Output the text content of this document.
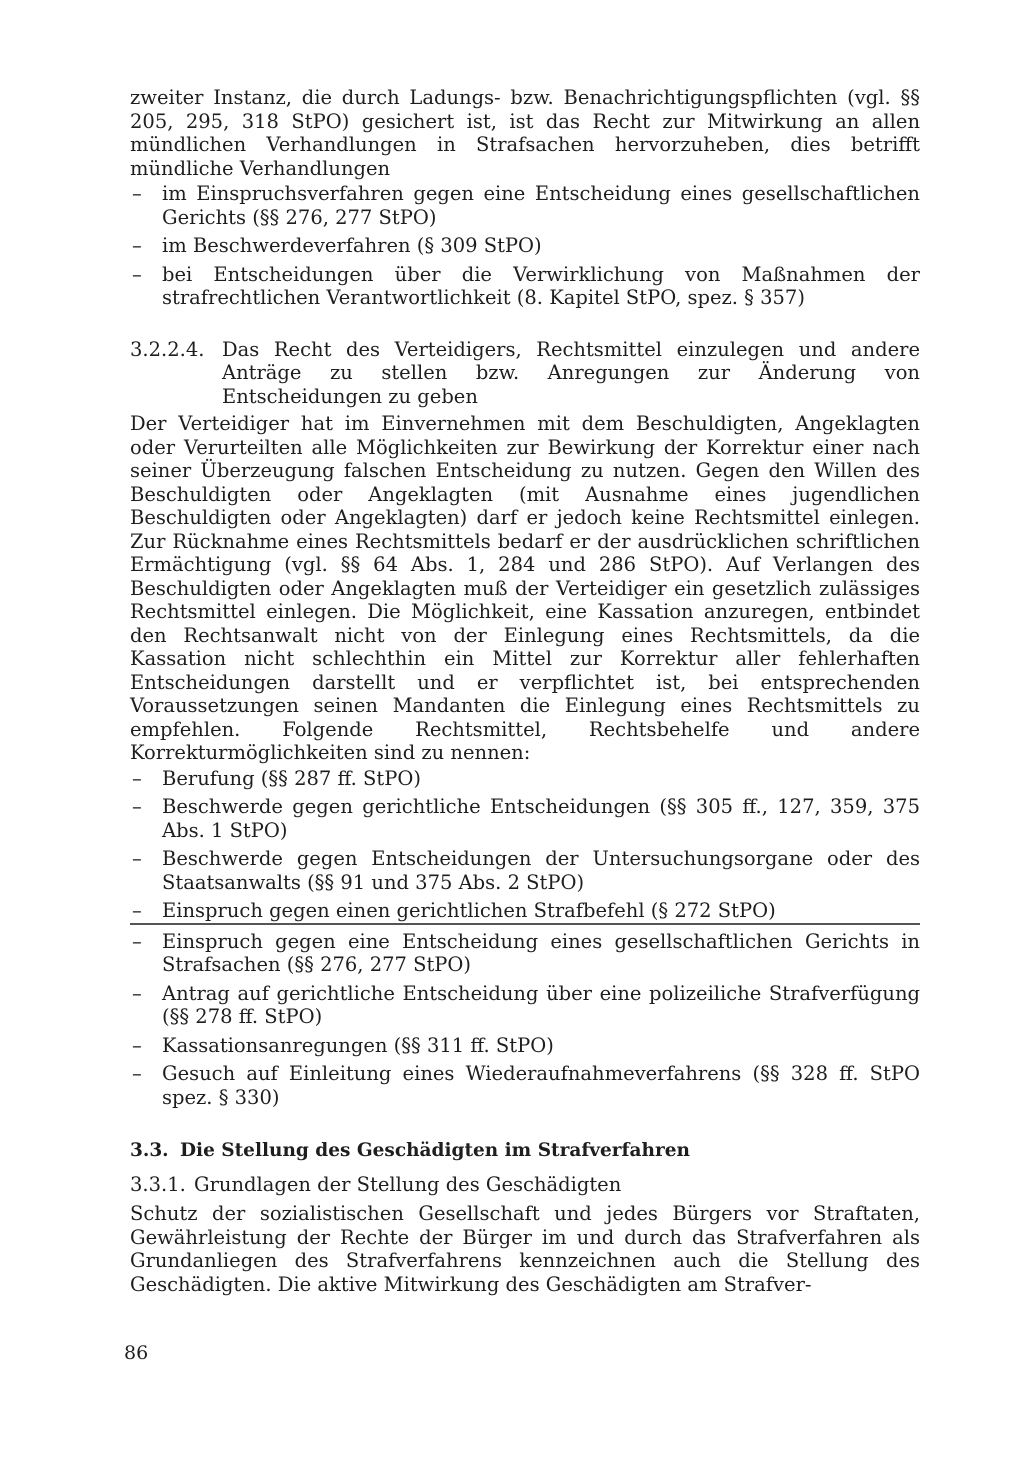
zweiter Instanz, die durch Ladungs- bzw. Benachrichtigungspflichten (vgl. §§ 205, 295, 318 StPO) gesichert ist, ist das Recht zur Mitwirkung an allen mündlichen Verhandlungen in Strafsachen hervorzuheben, dies betrifft mündliche Verhandlungen

– im Einspruchsverfahren gegen eine Entscheidung eines gesellschaftlichen Gerichts (§§ 276, 277 StPO)
– im Beschwerdeverfahren (§ 309 StPO)
– bei Entscheidungen über die Verwirklichung von Maßnahmen der strafrechtlichen Verantwortlichkeit (8. Kapitel StPO, spez. § 357)
3.2.2.4. Das Recht des Verteidigers, Rechtsmittel einzulegen und andere Anträge zu stellen bzw. Anregungen zur Änderung von Entscheidungen zu geben

Der Verteidiger hat im Einvernehmen mit dem Beschuldigten, Angeklagten oder Verurteilten alle Möglichkeiten zur Bewirkung der Korrektur einer nach seiner Überzeugung falschen Entscheidung zu nutzen. Gegen den Willen des Beschuldigten oder Angeklagten (mit Ausnahme eines jugendlichen Beschuldigten oder Angeklagten) darf er jedoch keine Rechtsmittel einlegen. Zur Rücknahme eines Rechtsmittels bedarf er der ausdrücklichen schriftlichen Ermächtigung (vgl. §§ 64 Abs. 1, 284 und 286 StPO). Auf Verlangen des Beschuldigten oder Angeklagten muß der Verteidiger ein gesetzlich zulässiges Rechtsmittel einlegen. Die Möglichkeit, eine Kassation anzuregen, entbindet den Rechtsanwalt nicht von der Einlegung eines Rechtsmittels, da die Kassation nicht schlechthin ein Mittel zur Korrektur aller fehlerhaften Entscheidungen darstellt und er verpflichtet ist, bei entsprechenden Voraussetzungen seinen Mandanten die Einlegung eines Rechtsmittels zu empfehlen. Folgende Rechtsmittel, Rechtsbehelfe und andere Korrekturmöglichkeiten sind zu nennen:

– Berufung (§§ 287 ff. StPO)
– Beschwerde gegen gerichtliche Entscheidungen (§§ 305 ff., 127, 359, 375 Abs. 1 StPO)
– Beschwerde gegen Entscheidungen der Untersuchungsorgane oder des Staatsanwalts (§§ 91 und 375 Abs. 2 StPO)
– Einspruch gegen einen gerichtlichen Strafbefehl (§ 272 StPO)
– Einspruch gegen eine Entscheidung eines gesellschaftlichen Gerichts in Strafsachen (§§ 276, 277 StPO)
– Antrag auf gerichtliche Entscheidung über eine polizeiliche Strafverfügung (§§ 278 ff. StPO)
– Kassationsanregungen (§§ 311 ff. StPO)
– Gesuch auf Einleitung eines Wiederaufnahmeverfahrens (§§ 328 ff. StPO spez. § 330)
3.3. Die Stellung des Geschädigten im Strafverfahren
3.3.1. Grundlagen der Stellung des Geschädigten

Schutz der sozialistischen Gesellschaft und jedes Bürgers vor Straftaten, Gewährleistung der Rechte der Bürger im und durch das Strafverfahren als Grundanliegen des Strafverfahrens kennzeichnen auch die Stellung des Geschädigten. Die aktive Mitwirkung des Geschädigten am Strafver-

86
